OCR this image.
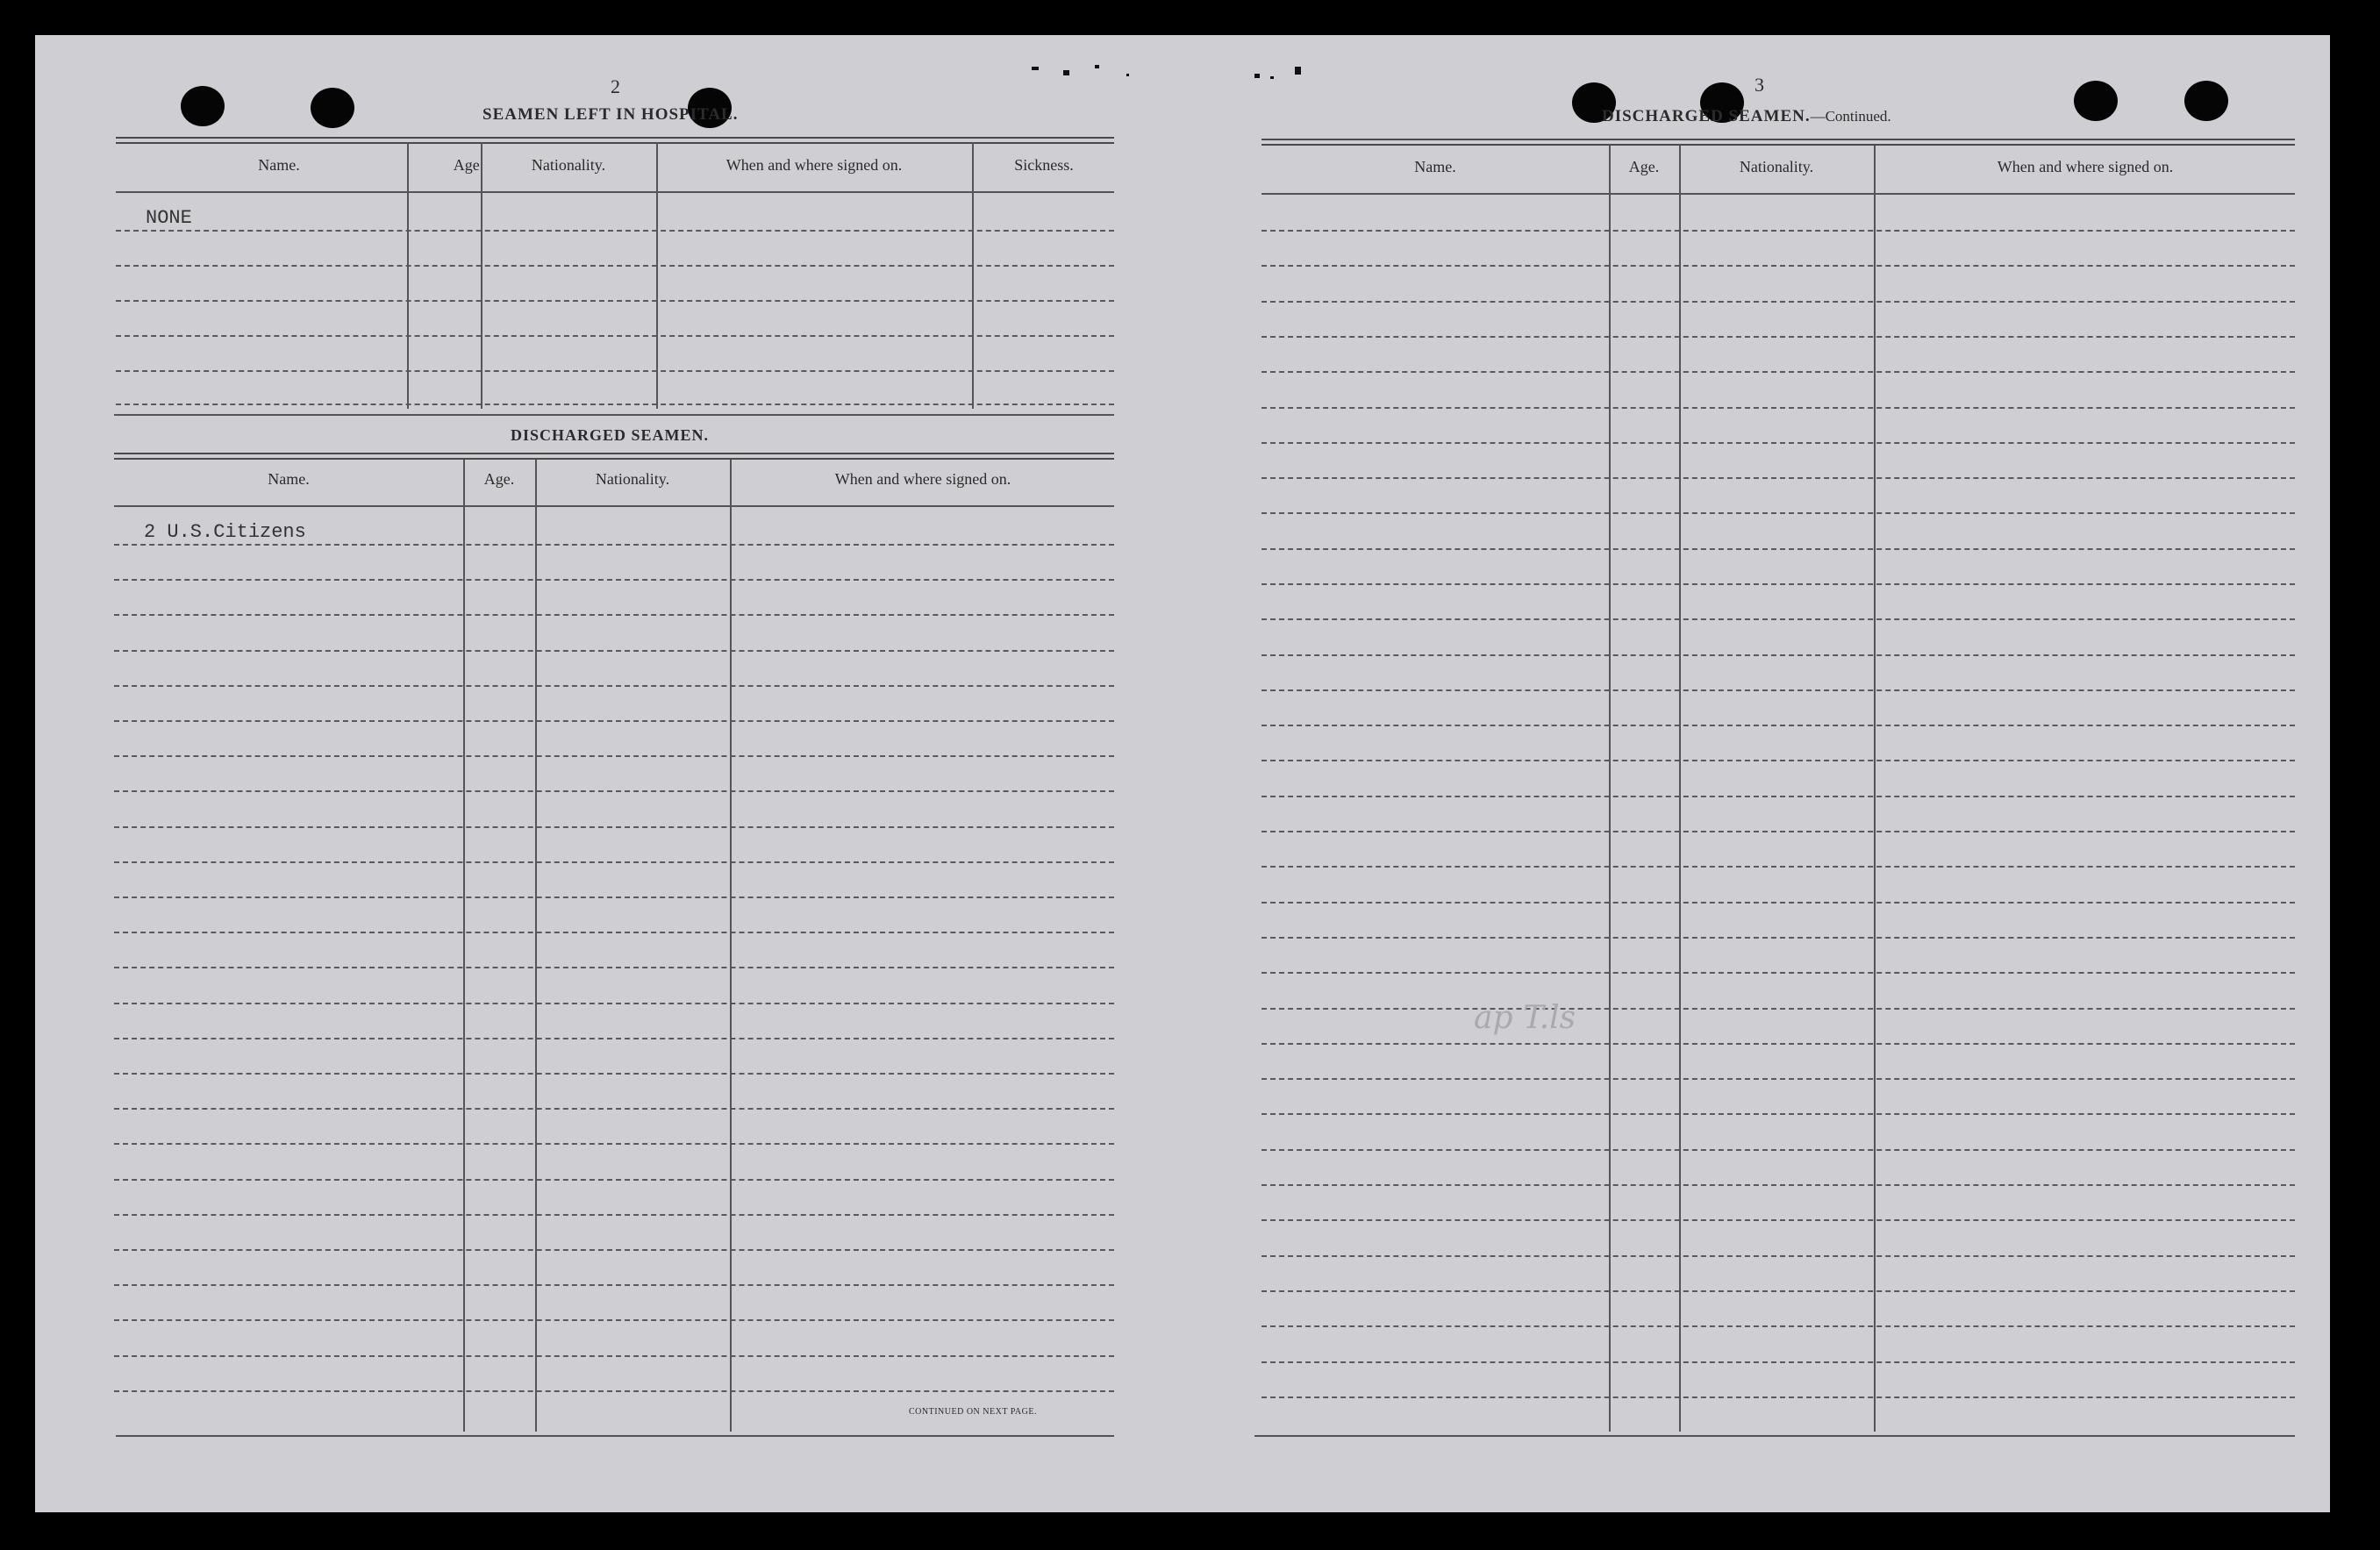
2
SEAMEN LEFT IN HOSPITAL.
Name.	Age.	Nationality.	When and where signed on.	Sickness.
NONE
DISCHARGED SEAMEN.
Name.	Age.	Nationality.	When and where signed on.
2 U.S.Citizens
CONTINUED ON NEXT PAGE.
3
DISCHARGED SEAMEN.—Continued.
Name.	Age.	Nationality.	When and where signed on.
ap T.ls
